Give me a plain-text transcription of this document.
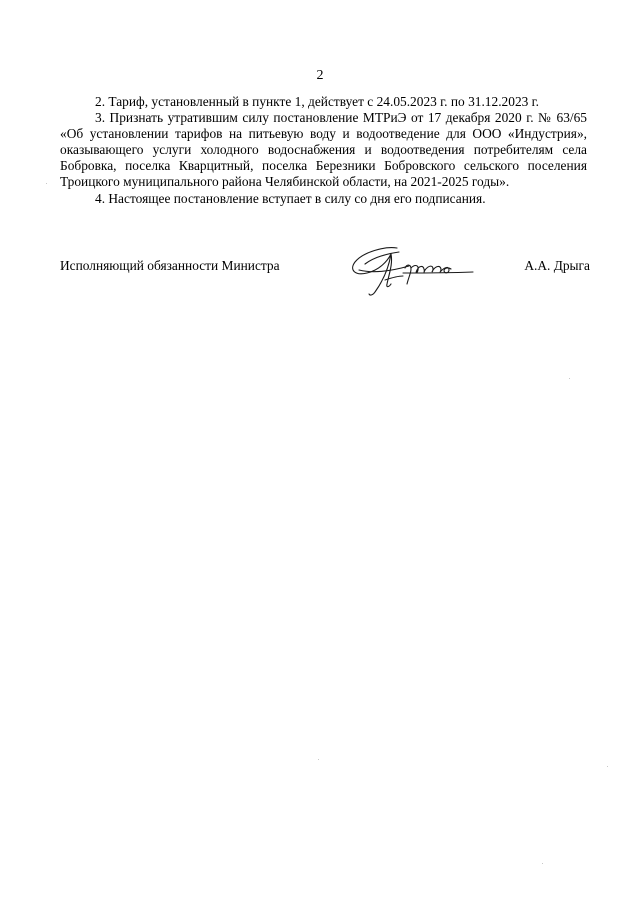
2

2. Тариф, установленный в пункте 1, действует с 24.05.2023 г. по 31.12.2023 г.

3. Признать утратившим силу постановление МТРиЭ от 17 декабря 2020 г. № 63/65 «Об установлении тарифов на питьевую воду и водоотведение для ООО «Индустрия», оказывающего услуги холодного водоснабжения и водоотведения потребителям села Бобровка, поселка Кварцитный, поселка Березники Бобровского сельского поселения Троицкого муниципального района Челябинской области, на 2021-2025 годы».

4. Настоящее постановление вступает в силу со дня его подписания.

Исполняющий обязанности Министра	А.А. Дрыга
